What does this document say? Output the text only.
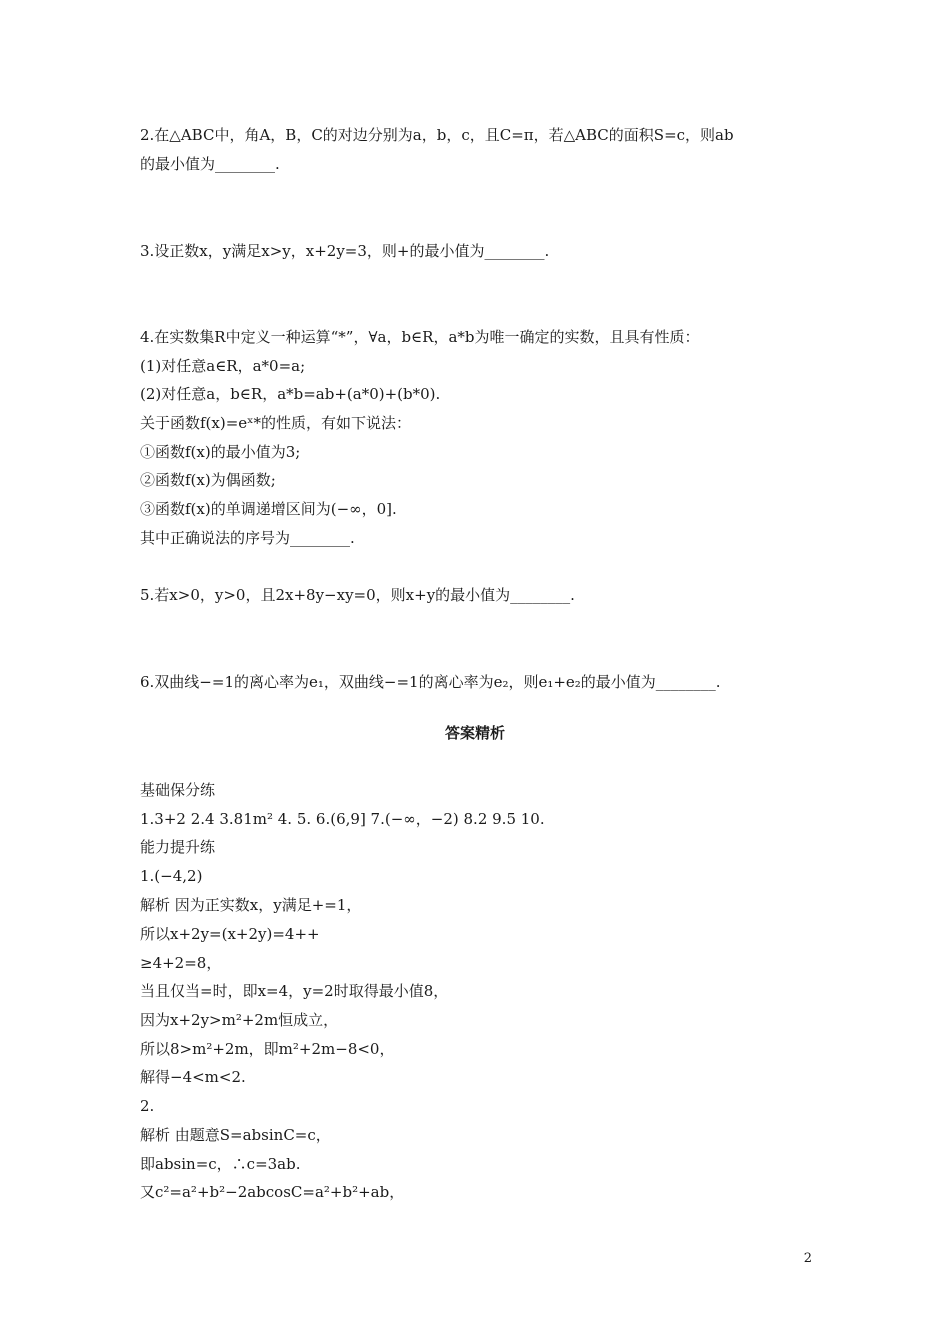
2.在△ABC中，角A，B，C的对边分别为a，b，c，且C=π，若△ABC的面积S=c，则ab
的最小值为________.
3.设正数x，y满足x>y，x+2y=3，则+的最小值为________.
4.在实数集R中定义一种运算“*”，∀a，b∈R，a*b为唯一确定的实数，且具有性质：
(1)对任意a∈R，a*0=a;
(2)对任意a，b∈R，a*b=ab+(a*0)+(b*0).
关于函数f(x)=eˣ*的性质，有如下说法：
①函数f(x)的最小值为3;
②函数f(x)为偶函数;
③函数f(x)的单调递增区间为(−∞，0].
其中正确说法的序号为________.
5.若x>0，y>0，且2x+8y−xy=0，则x+y的最小值为________.
6.双曲线−=1的离心率为e₁，双曲线−=1的离心率为e₂，则e₁+e₂的最小值为________.
答案精析
基础保分练
1.3+2 2.4 3.81m² 4. 5. 6.(6,9] 7.(−∞，−2) 8.2 9.5 10.
能力提升练
1.(−4,2)
解析 因为正实数x，y满足+=1，
所以x+2y=(x+2y)=4++
≥4+2=8，
当且仅当=时，即x=4，y=2时取得最小值8，
因为x+2y>m²+2m恒成立，
所以8>m²+2m，即m²+2m−8<0，
解得−4<m<2.
2.
解析 由题意S=absinC=c，
即absin=c，∴c=3ab.
又c²=a²+b²−2abcosC=a²+b²+ab，
2
